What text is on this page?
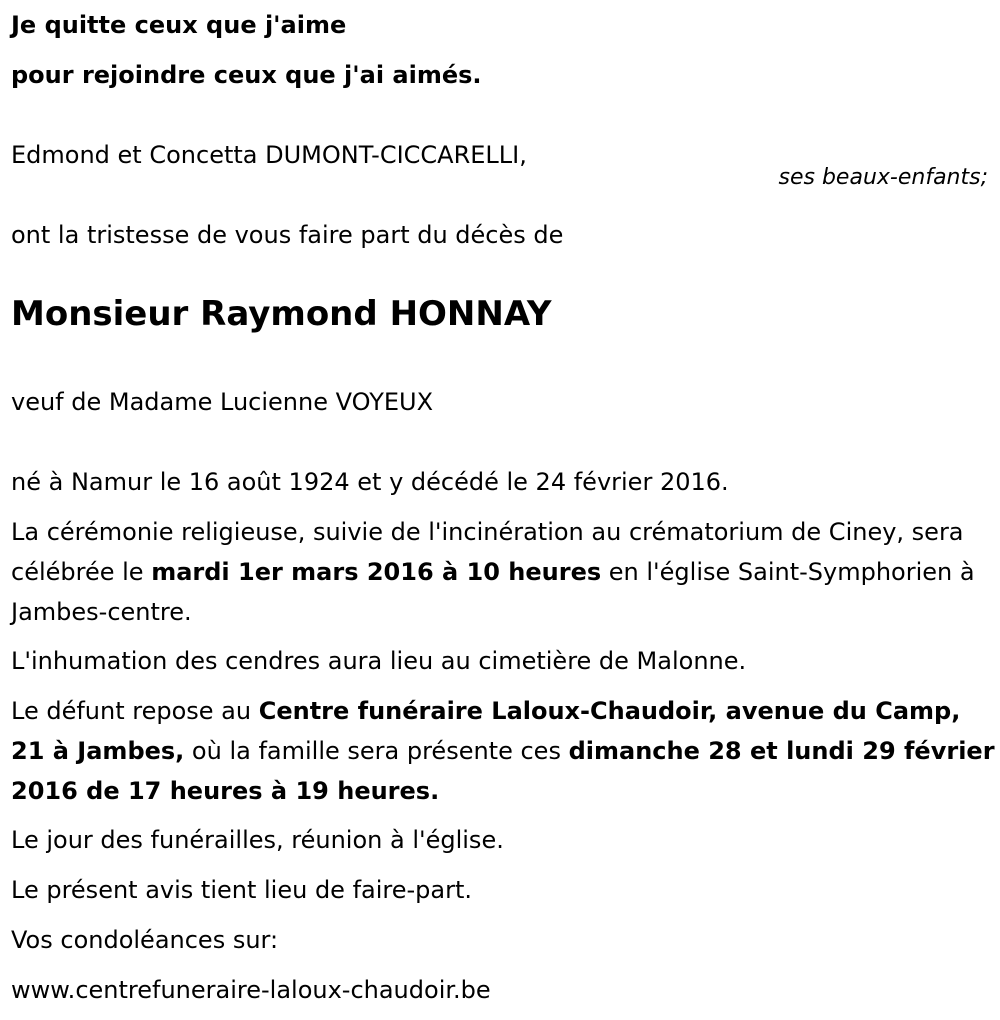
Je quitte ceux que j'aime
pour rejoindre ceux que j'ai aimés.
Edmond et Concetta DUMONT-CICCARELLI,
ses beaux-enfants;
ont la tristesse de vous faire part du décès de
Monsieur Raymond HONNAY
veuf de Madame Lucienne VOYEUX
né à Namur le 16 août 1924 et y décédé le 24 février 2016.
La cérémonie religieuse, suivie de l'incinération au crématorium de Ciney, sera célébrée le mardi 1er mars 2016 à 10 heures en l'église Saint-Symphorien à Jambes-centre.
L'inhumation des cendres aura lieu au cimetière de Malonne.
Le défunt repose au Centre funéraire Laloux-Chaudoir, avenue du Camp, 21 à Jambes, où la famille sera présente ces dimanche 28 et lundi 29 février 2016 de 17 heures à 19 heures.
Le jour des funérailles, réunion à l'église.
Le présent avis tient lieu de faire-part.
Vos condoléances sur:
www.centrefuneraire-laloux-chaudoir.be
